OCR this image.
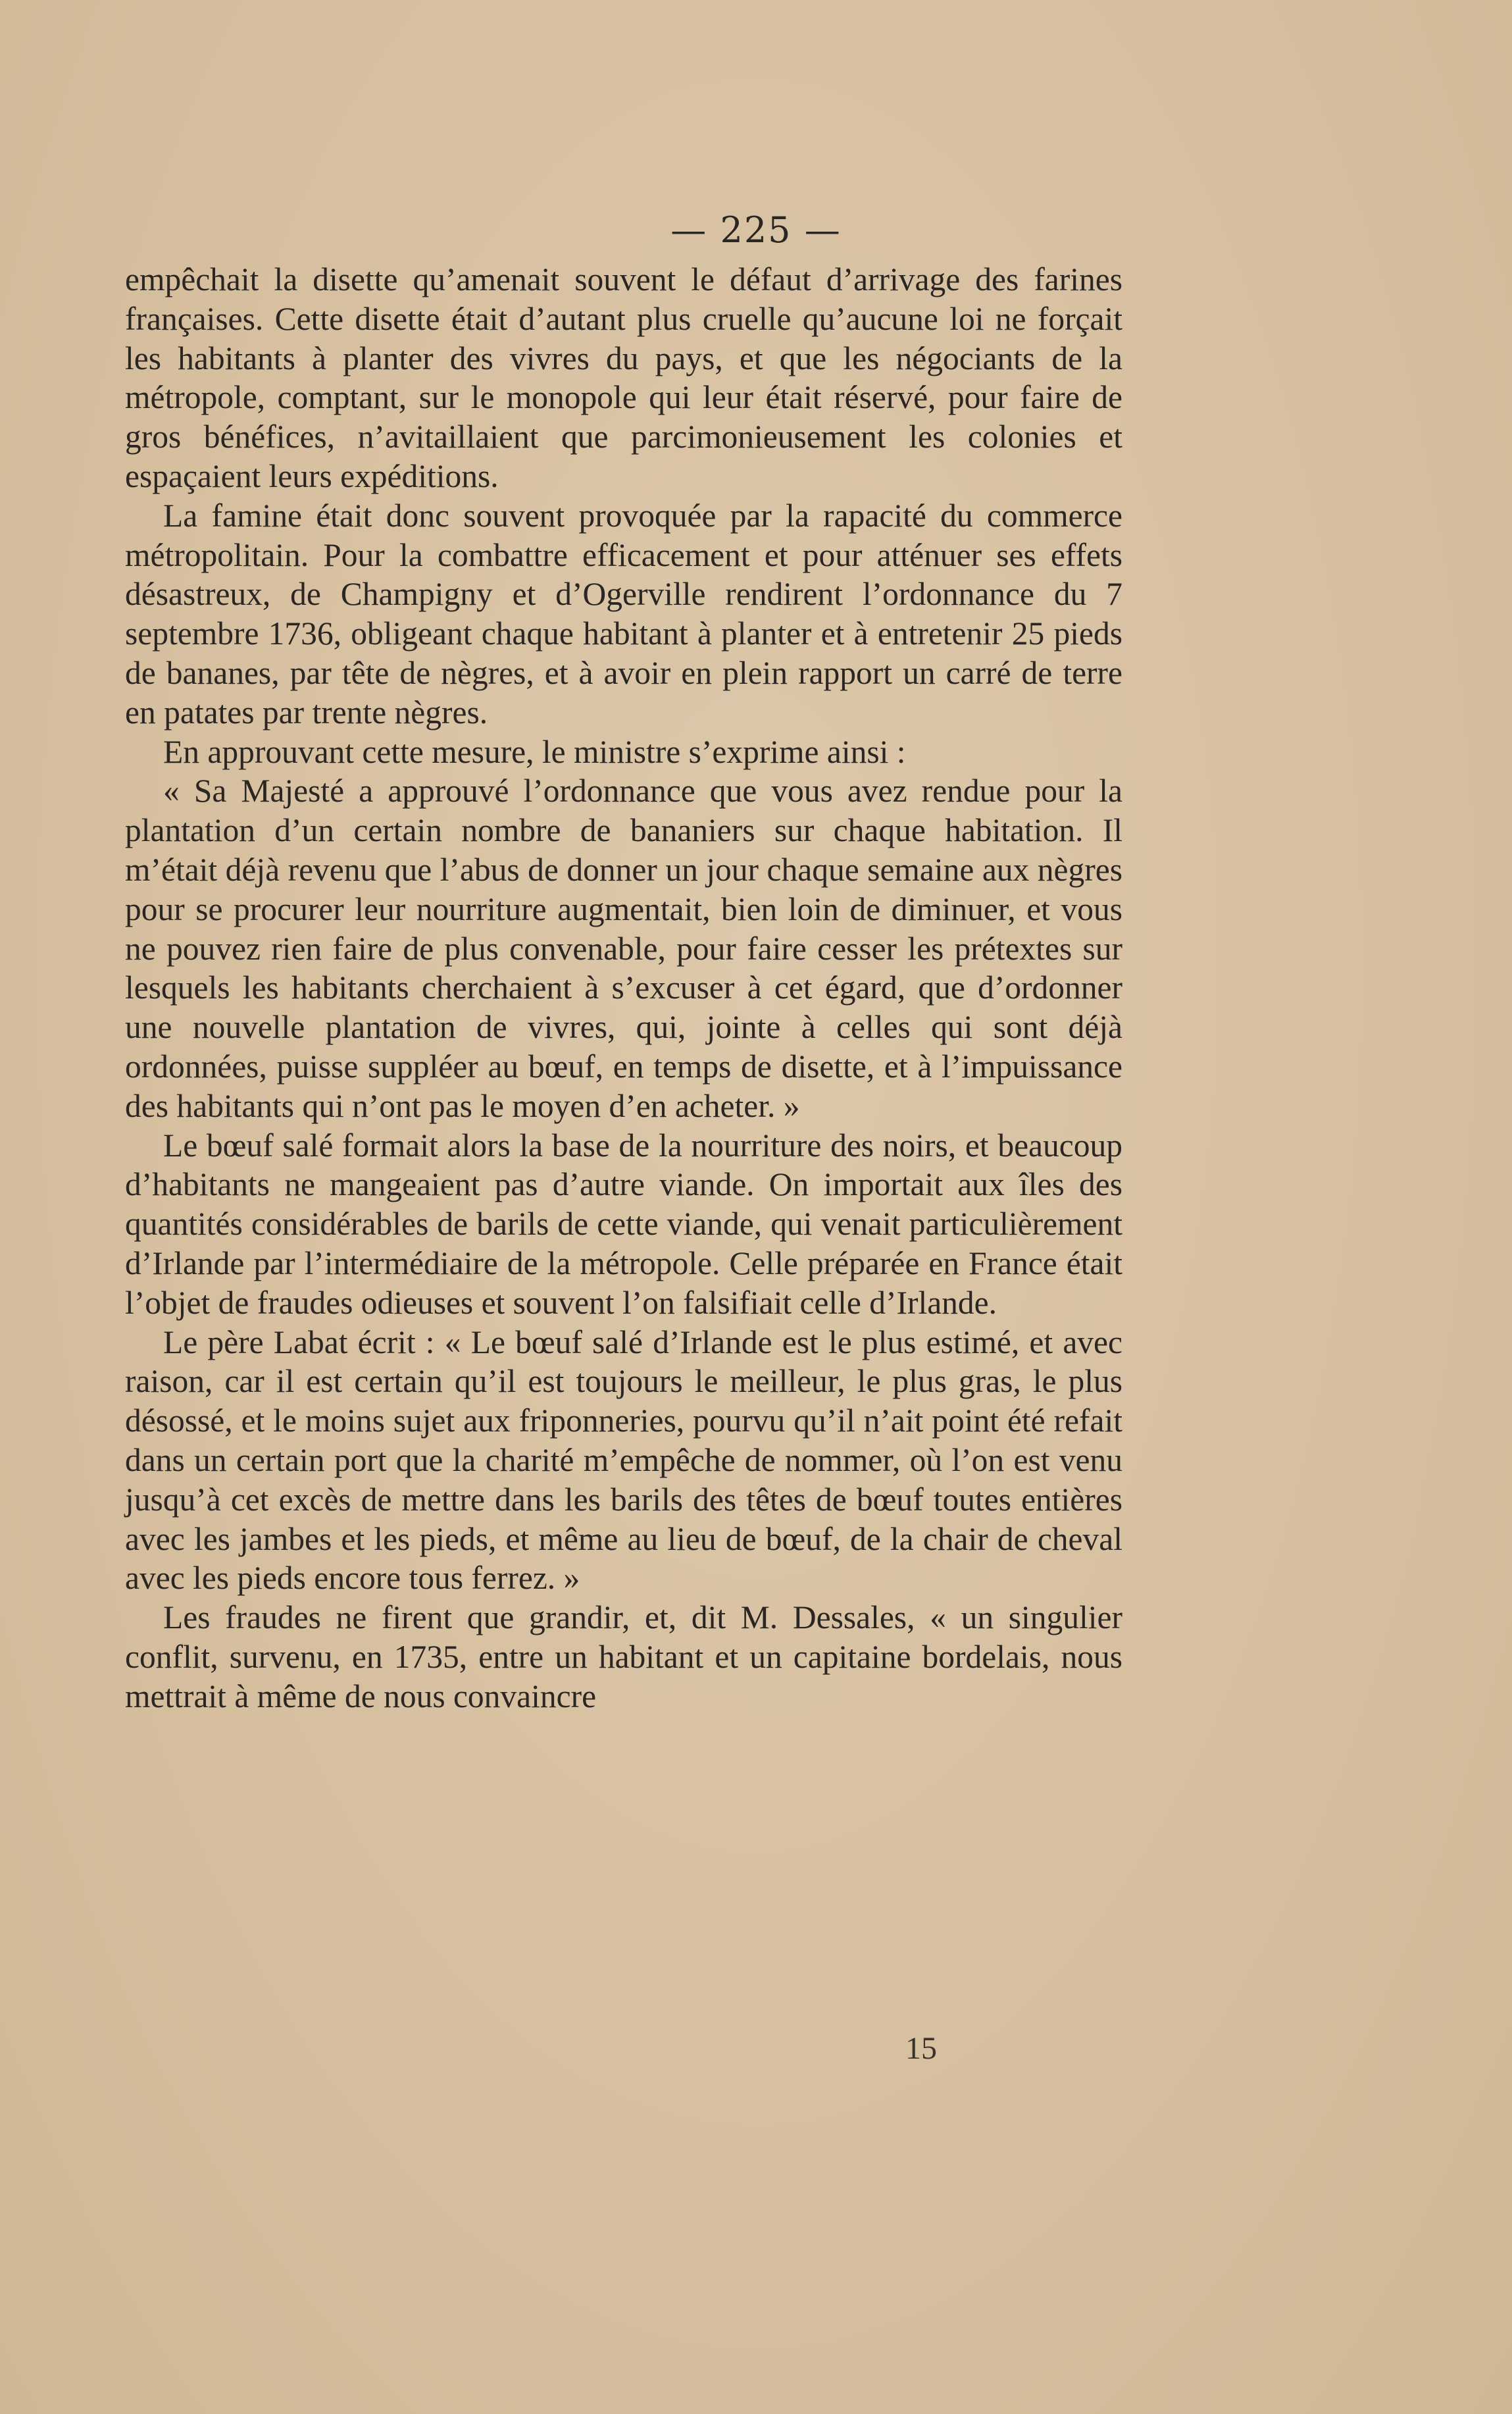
— 225 —

empêchait la disette qu’amenait souvent le défaut d’arrivage des farines françaises. Cette disette était d’autant plus cruelle qu’aucune loi ne forçait les habitants à planter des vivres du pays, et que les négociants de la métropole, comptant, sur le monopole qui leur était réservé, pour faire de gros bénéfices, n’avitaillaient que parcimonieusement les colonies et espaçaient leurs expéditions.

La famine était donc souvent provoquée par la rapacité du commerce métropolitain. Pour la combattre efficacement et pour atténuer ses effets désastreux, de Champigny et d’Ogerville rendirent l’ordonnance du 7 septembre 1736, obligeant chaque habitant à planter et à entretenir 25 pieds de bananes, par tête de nègres, et à avoir en plein rapport un carré de terre en patates par trente nègres.

En approuvant cette mesure, le ministre s’exprime ainsi :

« Sa Majesté a approuvé l’ordonnance que vous avez rendue pour la plantation d’un certain nombre de bananiers sur chaque habitation. Il m’était déjà revenu que l’abus de donner un jour chaque semaine aux nègres pour se procurer leur nourriture augmentait, bien loin de diminuer, et vous ne pouvez rien faire de plus convenable, pour faire cesser les prétextes sur lesquels les habitants cherchaient à s’excuser à cet égard, que d’ordonner une nouvelle plantation de vivres, qui, jointe à celles qui sont déjà ordonnées, puisse suppléer au bœuf, en temps de disette, et à l’impuissance des habitants qui n’ont pas le moyen d’en acheter. »

Le bœuf salé formait alors la base de la nourriture des noirs, et beaucoup d’habitants ne mangeaient pas d’autre viande. On importait aux îles des quantités considérables de barils de cette viande, qui venait particulièrement d’Irlande par l’intermédiaire de la métropole. Celle préparée en France était l’objet de fraudes odieuses et souvent l’on falsifiait celle d’Irlande.

Le père Labat écrit : « Le bœuf salé d’Irlande est le plus estimé, et avec raison, car il est certain qu’il est toujours le meilleur, le plus gras, le plus désossé, et le moins sujet aux friponneries, pourvu qu’il n’ait point été refait dans un certain port que la charité m’empêche de nommer, où l’on est venu jusqu’à cet excès de mettre dans les barils des têtes de bœuf toutes entières avec les jambes et les pieds, et même au lieu de bœuf, de la chair de cheval avec les pieds encore tous ferrez. »

Les fraudes ne firent que grandir, et, dit M. Dessales, « un singulier conflit, survenu, en 1735, entre un habitant et un capitaine bordelais, nous mettrait à même de nous convaincre

15
